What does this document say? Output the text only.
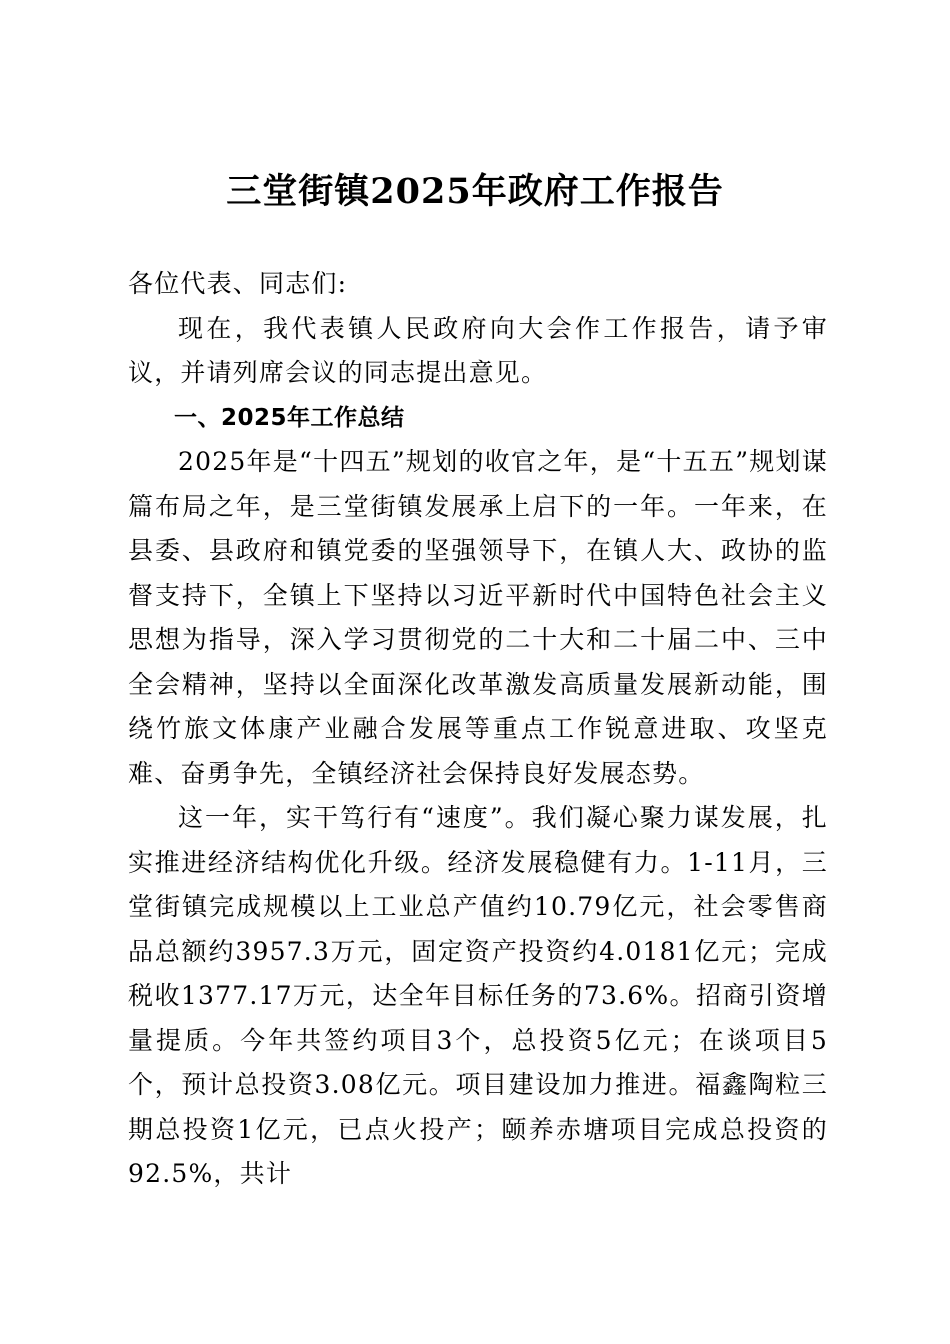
三堂街镇2025年政府工作报告

各位代表、同志们:

现在，我代表镇人民政府向大会作工作报告，请予审议，并请列席会议的同志提出意见。

一、2025年工作总结

2025年是“十四五”规划的收官之年，是“十五五”规划谋篇布局之年，是三堂街镇发展承上启下的一年。一年来，在县委、县政府和镇党委的坚强领导下，在镇人大、政协的监督支持下，全镇上下坚持以习近平新时代中国特色社会主义思想为指导，深入学习贯彻党的二十大和二十届二中、三中全会精神，坚持以全面深化改革激发高质量发展新动能，围绕竹旅文体康产业融合发展等重点工作锐意进取、攻坚克难、奋勇争先，全镇经济社会保持良好发展态势。

这一年，实干笃行有“速度”。我们凝心聚力谋发展，扎实推进经济结构优化升级。经济发展稳健有力。1-11月，三堂街镇完成规模以上工业总产值约10.79亿元，社会零售商品总额约3957.3万元，固定资产投资约4.0181亿元；完成税收1377.17万元，达全年目标任务的73.6%。招商引资增量提质。今年共签约项目3个，总投资5亿元；在谈项目5个，预计总投资3.08亿元。项目建设加力推进。福鑫陶粒三期总投资1亿元，已点火投产；颐养赤塘项目完成总投资的92.5%，共计
